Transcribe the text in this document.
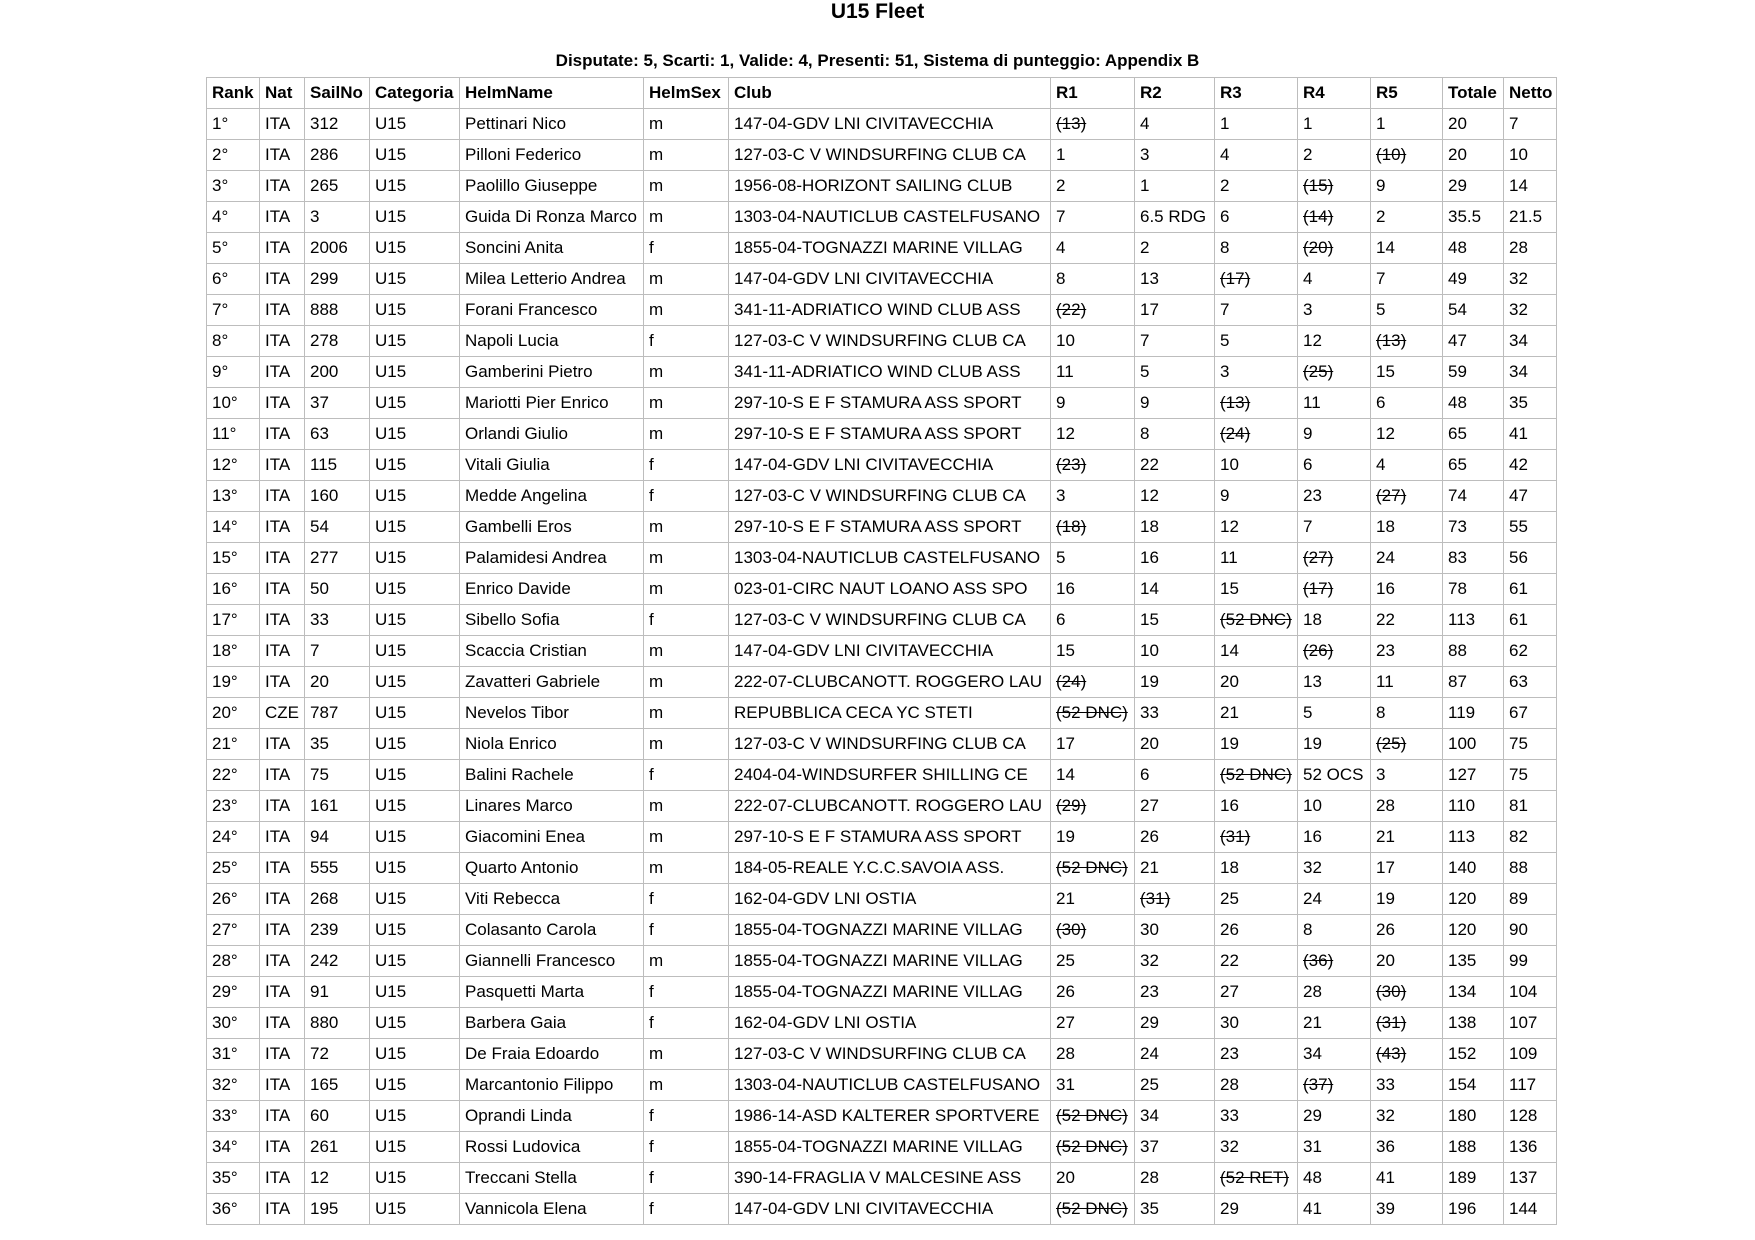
U15 Fleet
Disputate: 5, Scarti: 1, Valide: 4, Presenti: 51, Sistema di punteggio: Appendix B
Rank	Nat	SailNo	Categoria	HelmName	HelmSex	Club	R1	R2	R3	R4	R5	Totale	Netto
1°	ITA	312	U15	Pettinari Nico	m	147-04-GDV LNI CIVITAVECCHIA	(13)	4	1	1	1	20	7
2°	ITA	286	U15	Pilloni Federico	m	127-03-C V WINDSURFING CLUB CA	1	3	4	2	(10)	20	10
3°	ITA	265	U15	Paolillo Giuseppe	m	1956-08-HORIZONT SAILING CLUB	2	1	2	(15)	9	29	14
4°	ITA	3	U15	Guida Di Ronza Marco	m	1303-04-NAUTICLUB CASTELFUSANO	7	6.5 RDG	6	(14)	2	35.5	21.5
5°	ITA	2006	U15	Soncini Anita	f	1855-04-TOGNAZZI MARINE VILLAG	4	2	8	(20)	14	48	28
6°	ITA	299	U15	Milea Letterio Andrea	m	147-04-GDV LNI CIVITAVECCHIA	8	13	(17)	4	7	49	32
7°	ITA	888	U15	Forani Francesco	m	341-11-ADRIATICO WIND CLUB ASS	(22)	17	7	3	5	54	32
8°	ITA	278	U15	Napoli Lucia	f	127-03-C V WINDSURFING CLUB CA	10	7	5	12	(13)	47	34
9°	ITA	200	U15	Gamberini Pietro	m	341-11-ADRIATICO WIND CLUB ASS	11	5	3	(25)	15	59	34
10°	ITA	37	U15	Mariotti Pier Enrico	m	297-10-S E F STAMURA ASS SPORT	9	9	(13)	11	6	48	35
11°	ITA	63	U15	Orlandi Giulio	m	297-10-S E F STAMURA ASS SPORT	12	8	(24)	9	12	65	41
12°	ITA	115	U15	Vitali Giulia	f	147-04-GDV LNI CIVITAVECCHIA	(23)	22	10	6	4	65	42
13°	ITA	160	U15	Medde Angelina	f	127-03-C V WINDSURFING CLUB CA	3	12	9	23	(27)	74	47
14°	ITA	54	U15	Gambelli Eros	m	297-10-S E F STAMURA ASS SPORT	(18)	18	12	7	18	73	55
15°	ITA	277	U15	Palamidesi Andrea	m	1303-04-NAUTICLUB CASTELFUSANO	5	16	11	(27)	24	83	56
16°	ITA	50	U15	Enrico Davide	m	023-01-CIRC NAUT LOANO ASS SPO	16	14	15	(17)	16	78	61
17°	ITA	33	U15	Sibello Sofia	f	127-03-C V WINDSURFING CLUB CA	6	15	(52 DNC)	18	22	113	61
18°	ITA	7	U15	Scaccia Cristian	m	147-04-GDV LNI CIVITAVECCHIA	15	10	14	(26)	23	88	62
19°	ITA	20	U15	Zavatteri Gabriele	m	222-07-CLUBCANOTT. ROGGERO LAU	(24)	19	20	13	11	87	63
20°	CZE	787	U15	Nevelos Tibor	m	REPUBBLICA CECA YC STETI	(52 DNC)	33	21	5	8	119	67
21°	ITA	35	U15	Niola Enrico	m	127-03-C V WINDSURFING CLUB CA	17	20	19	19	(25)	100	75
22°	ITA	75	U15	Balini Rachele	f	2404-04-WINDSURFER SHILLING CE	14	6	(52 DNC)	52 OCS	3	127	75
23°	ITA	161	U15	Linares Marco	m	222-07-CLUBCANOTT. ROGGERO LAU	(29)	27	16	10	28	110	81
24°	ITA	94	U15	Giacomini Enea	m	297-10-S E F STAMURA ASS SPORT	19	26	(31)	16	21	113	82
25°	ITA	555	U15	Quarto Antonio	m	184-05-REALE Y.C.C.SAVOIA ASS.	(52 DNC)	21	18	32	17	140	88
26°	ITA	268	U15	Viti Rebecca	f	162-04-GDV LNI OSTIA	21	(31)	25	24	19	120	89
27°	ITA	239	U15	Colasanto Carola	f	1855-04-TOGNAZZI MARINE VILLAG	(30)	30	26	8	26	120	90
28°	ITA	242	U15	Giannelli Francesco	m	1855-04-TOGNAZZI MARINE VILLAG	25	32	22	(36)	20	135	99
29°	ITA	91	U15	Pasquetti Marta	f	1855-04-TOGNAZZI MARINE VILLAG	26	23	27	28	(30)	134	104
30°	ITA	880	U15	Barbera Gaia	f	162-04-GDV LNI OSTIA	27	29	30	21	(31)	138	107
31°	ITA	72	U15	De Fraia Edoardo	m	127-03-C V WINDSURFING CLUB CA	28	24	23	34	(43)	152	109
32°	ITA	165	U15	Marcantonio Filippo	m	1303-04-NAUTICLUB CASTELFUSANO	31	25	28	(37)	33	154	117
33°	ITA	60	U15	Oprandi Linda	f	1986-14-ASD KALTERER SPORTVERE	(52 DNC)	34	33	29	32	180	128
34°	ITA	261	U15	Rossi Ludovica	f	1855-04-TOGNAZZI MARINE VILLAG	(52 DNC)	37	32	31	36	188	136
35°	ITA	12	U15	Treccani Stella	f	390-14-FRAGLIA V MALCESINE ASS	20	28	(52 RET)	48	41	189	137
36°	ITA	195	U15	Vannicola Elena	f	147-04-GDV LNI CIVITAVECCHIA	(52 DNC)	35	29	41	39	196	144
